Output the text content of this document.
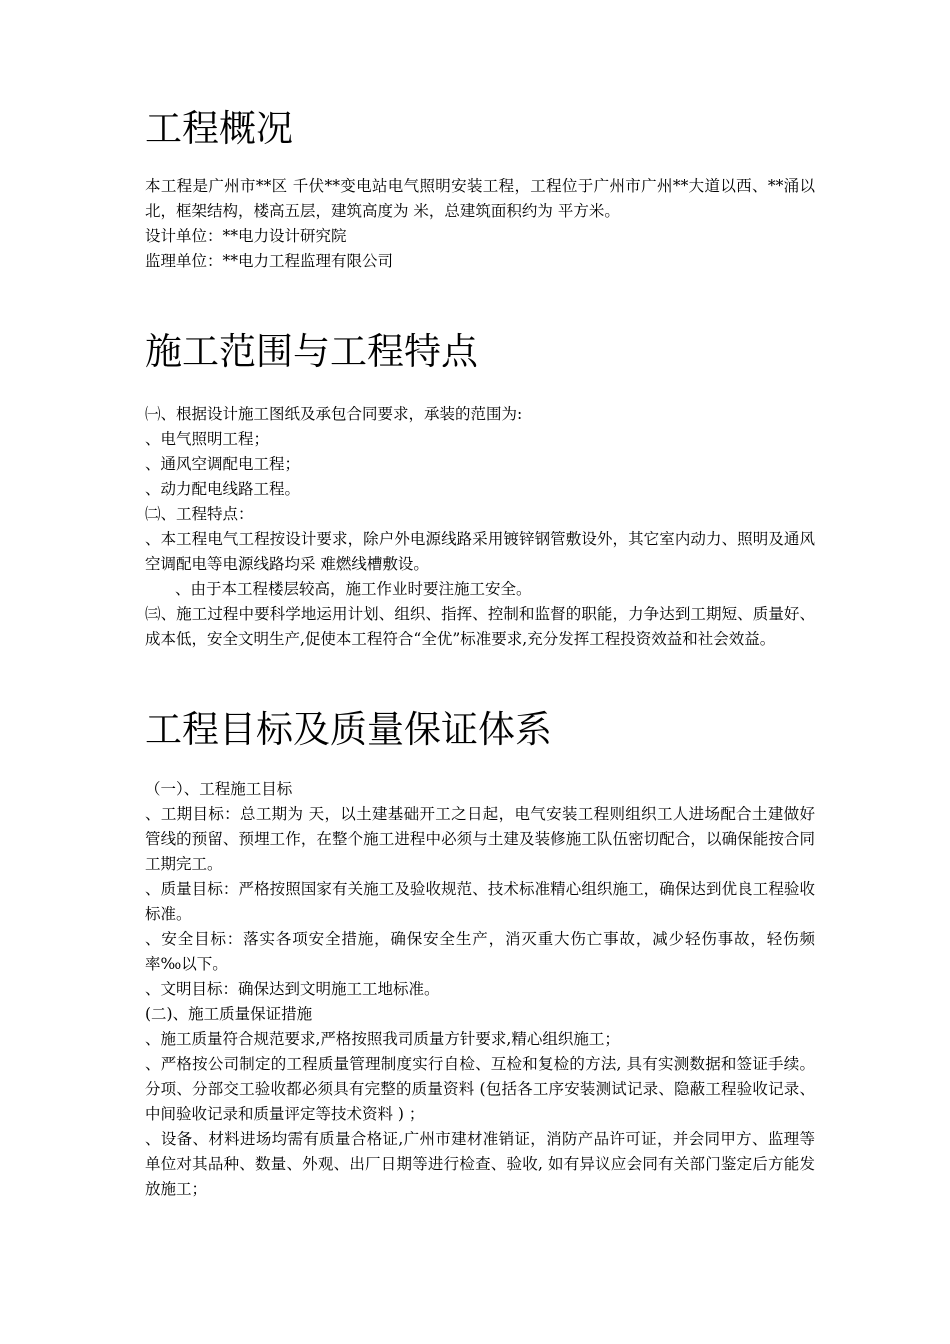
工程概况

本工程是广州市**区 千伏**变电站电气照明安装工程，工程位于广州市广州**大道以西、**涌以北，框架结构，楼高五层，建筑高度为 米，总建筑面积约为 平方米。

设计单位：**电力设计研究院

监理单位：**电力工程监理有限公司

施工范围与工程特点

㈠、根据设计施工图纸及承包合同要求，承装的范围为:

、电气照明工程；

、通风空调配电工程；

、动力配电线路工程。

㈡、工程特点：

、本工程电气工程按设计要求，除户外电源线路采用镀锌钢管敷设外，其它室内动力、照明及通风空调配电等电源线路均采 难燃线槽敷设。

、由于本工程楼层较高，施工作业时要注施工安全。

㈢、施工过程中要科学地运用计划、组织、指挥、控制和监督的职能，力争达到工期短、质量好、成本低，安全文明生产,促使本工程符合“全优”标准要求,充分发挥工程投资效益和社会效益。

工程目标及质量保证体系

（一）、工程施工目标

、工期目标：总工期为 天，以土建基础开工之日起，电气安装工程则组织工人进场配合土建做好管线的预留、预埋工作，在整个施工进程中必须与土建及装修施工队伍密切配合，以确保能按合同工期完工。

、质量目标：严格按照国家有关施工及验收规范、技术标准精心组织施工，确保达到优良工程验收标准。

、安全目标：落实各项安全措施，确保安全生产，消灭重大伤亡事故，减少轻伤事故，轻伤频率‰以下。

、文明目标：确保达到文明施工工地标准。

(二)、施工质量保证措施

、施工质量符合规范要求,严格按照我司质量方针要求,精心组织施工；

、严格按公司制定的工程质量管理制度实行自检、互检和复检的方法, 具有实测数据和签证手续。分项、分部交工验收都必须具有完整的质量资料 (包括各工序安装测试记录、隐蔽工程验收记录、中间验收记录和质量评定等技术资料 ) ；

、设备、材料进场均需有质量合格证,广州市建材准销证，消防产品许可证，并会同甲方、监理等单位对其品种、数量、外观、出厂日期等进行检查、验收, 如有异议应会同有关部门鉴定后方能发放施工；
